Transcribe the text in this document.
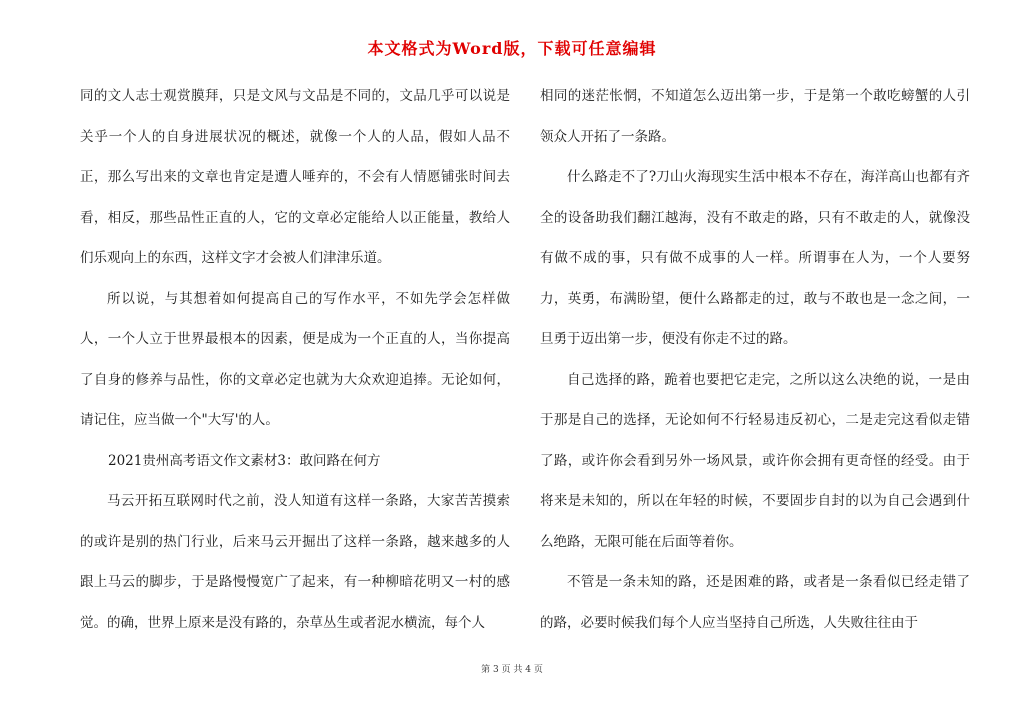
本文格式为Word版，下载可任意编辑

同的文人志士观赏膜拜，只是文风与文品是不同的，文品几乎可以说是关乎一个人的自身进展状况的概述，就像一个人的人品，假如人品不正，那么写出来的文章也肯定是遭人唾弃的，不会有人情愿铺张时间去看，相反，那些品性正直的人，它的文章必定能给人以正能量，教给人们乐观向上的东西，这样文字才会被人们津津乐道。

所以说，与其想着如何提高自己的写作水平，不如先学会怎样做人，一个人立于世界最根本的因素，便是成为一个正直的人，当你提高了自身的修养与品性，你的文章必定也就为大众欢迎追捧。无论如何，请记住，应当做一个"大写'的人。

2021贵州高考语文作文素材3：敢问路在何方

马云开拓互联网时代之前，没人知道有这样一条路，大家苦苦摸索的或许是别的热门行业，后来马云开掘出了这样一条路，越来越多的人跟上马云的脚步，于是路慢慢宽广了起来，有一种柳暗花明又一村的感觉。的确，世界上原来是没有路的，杂草丛生或者泥水横流，每个人

相同的迷茫怅惘，不知道怎么迈出第一步，于是第一个敢吃螃蟹的人引领众人开拓了一条路。

什么路走不了?刀山火海现实生活中根本不存在，海洋高山也都有齐全的设备助我们翻江越海，没有不敢走的路，只有不敢走的人，就像没有做不成的事，只有做不成事的人一样。所谓事在人为，一个人要努力，英勇，布满盼望，便什么路都走的过，敢与不敢也是一念之间，一旦勇于迈出第一步，便没有你走不过的路。

自己选择的路，跪着也要把它走完，之所以这么决绝的说，一是由于那是自己的选择，无论如何不行轻易违反初心，二是走完这看似走错了路，或许你会看到另外一场风景，或许你会拥有更奇怪的经受。由于将来是未知的，所以在年轻的时候，不要固步自封的以为自己会遇到什么绝路，无限可能在后面等着你。

不管是一条未知的路，还是困难的路，或者是一条看似已经走错了的路，必要时候我们每个人应当坚持自己所选，人失败往往由于

第 3 页 共 4 页
